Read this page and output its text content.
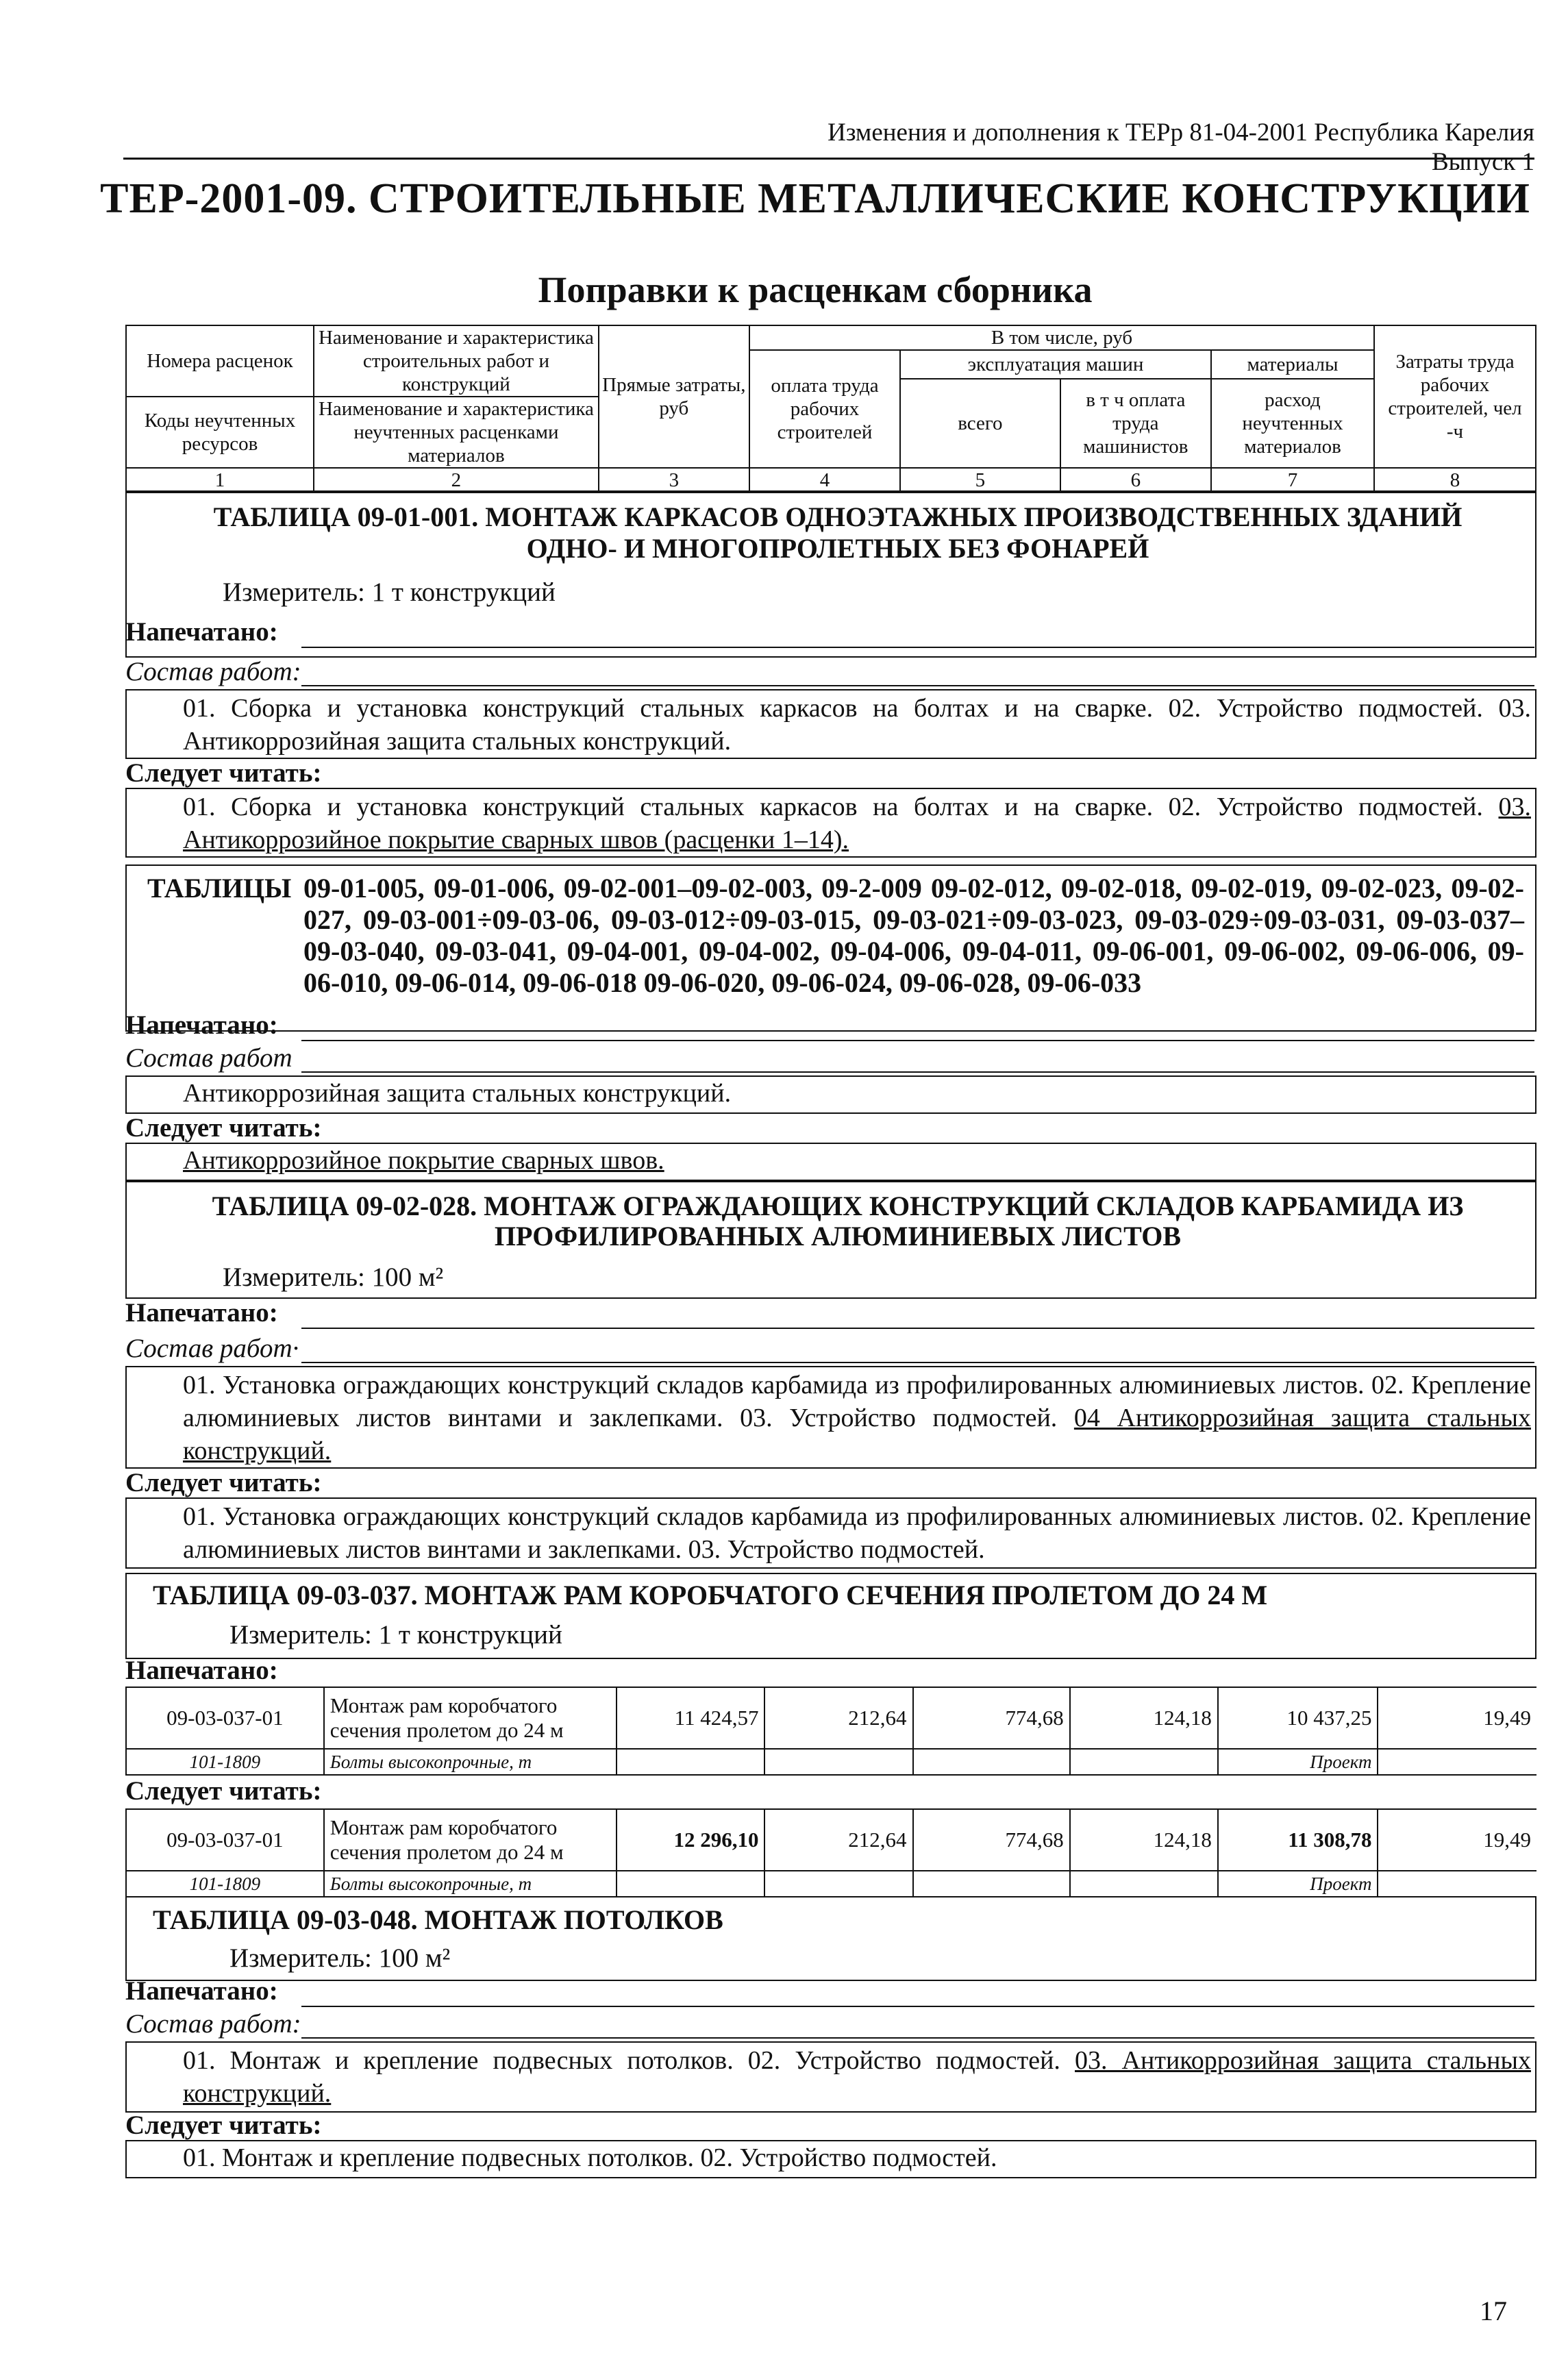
Изменения и дополнения к ТЕРр 81-04-2001 Республика Карелия Выпуск 1
ТЕР-2001-09. СТРОИТЕЛЬНЫЕ МЕТАЛЛИЧЕСКИЕ КОНСТРУКЦИИ
Поправки к расценкам сборника
Номера расценок	Наименование и характеристика строительных работ и конструкций	Прямые затраты, руб	В том числе, руб				Затраты труда рабочих строителей, чел -ч
			оплата труда рабочих строителей	эксплуатация машин		материалы	
				всего	в т ч оплата труда машинистов	расход неучтенных материалов	
Коды неучтенных ресурсов	Наименование и характеристика неучтенных расценками материалов						

1	2	3	4	5	6	7	8
ТАБЛИЦА 09-01-001. МОНТАЖ КАРКАСОВ ОДНОЭТАЖНЫХ ПРОИЗВОДСТВЕННЫХ ЗДАНИЙ
ОДНО- И МНОГОПРОЛЕТНЫХ БЕЗ ФОНАРЕЙ
Измеритель: 1 т конструкций
Напечатано:
Состав работ:
01. Сборка и установка конструкций стальных каркасов на болтах и на сварке. 02. Устройство подмостей. 03. Антикоррозийная защита стальных конструкций.
Следует читать:
01. Сборка и установка конструкций стальных каркасов на болтах и на сварке. 02. Устройство подмостей. 03. Антикоррозийное покрытие сварных швов (расценки 1–14).
ТАБЛИЦЫ 09-01-005, 09-01-006, 09-02-001–09-02-003, 09-2-009 09-02-012, 09-02-018, 09-02-019, 09-02-023, 09-02-027, 09-03-001÷09-03-06, 09-03-012÷09-03-015, 09-03-021÷09-03-023, 09-03-029÷09-03-031, 09-03-037–09-03-040, 09-03-041, 09-04-001, 09-04-002, 09-04-006, 09-04-011, 09-06-001, 09-06-002, 09-06-006, 09-06-010, 09-06-014, 09-06-018 09-06-020, 09-06-024, 09-06-028, 09-06-033
Напечатано:
Состав работ
Антикоррозийная защита стальных конструкций.
Следует читать:
Антикоррозийное покрытие сварных швов.
ТАБЛИЦА 09-02-028. МОНТАЖ ОГРАЖДАЮЩИХ КОНСТРУКЦИЙ СКЛАДОВ КАРБАМИДА ИЗ
ПРОФИЛИРОВАННЫХ АЛЮМИНИЕВЫХ ЛИСТОВ
Измеритель: 100 м²
Напечатано:
Состав работ·
01. Установка ограждающих конструкций складов карбамида из профилированных алюминиевых листов. 02. Крепление алюминиевых листов винтами и заклепками. 03. Устройство подмостей. 04 Антикоррозийная защита стальных конструкций.
Следует читать:
01. Установка ограждающих конструкций складов карбамида из профилированных алюминиевых листов. 02. Крепление алюминиевых листов винтами и заклепками. 03. Устройство подмостей.
ТАБЛИЦА 09-03-037. МОНТАЖ РАМ КОРОБЧАТОГО СЕЧЕНИЯ ПРОЛЕТОМ ДО 24 М
Измеритель: 1 т конструкций
Напечатано:
09-03-037-01	Монтаж рам коробчатого сечения пролетом до 24 м	11 424,57	212,64	774,68	124,18	10 437,25	19,49
101-1809	Болты высокопрочные, т					Проект	
Следует читать:
09-03-037-01	Монтаж рам коробчатого сечения пролетом до 24 м	12 296,10	212,64	774,68	124,18	11 308,78	19,49
101-1809	Болты высокопрочные, т					Проект	
ТАБЛИЦА 09-03-048. МОНТАЖ ПОТОЛКОВ
Измеритель: 100 м²
Напечатано:
Состав работ:
01. Монтаж и крепление подвесных потолков. 02. Устройство подмостей. 03. Антикоррозийная защита стальных конструкций.
Следует читать:
01. Монтаж и крепление подвесных потолков. 02. Устройство подмостей.
17
